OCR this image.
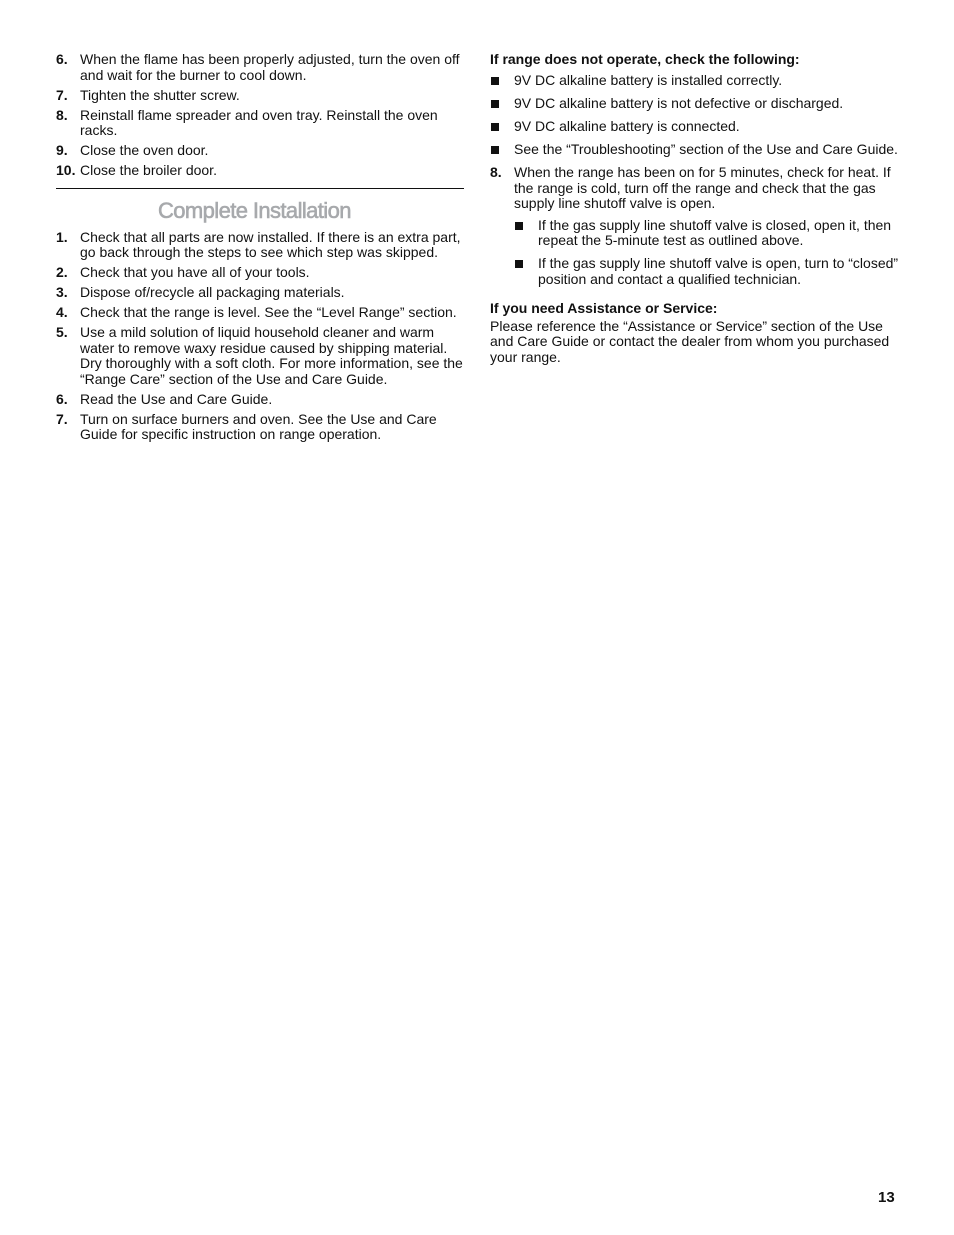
6. When the flame has been properly adjusted, turn the oven off and wait for the burner to cool down.
7. Tighten the shutter screw.
8. Reinstall flame spreader and oven tray. Reinstall the oven racks.
9. Close the oven door.
10. Close the broiler door.
Complete Installation
1. Check that all parts are now installed. If there is an extra part, go back through the steps to see which step was skipped.
2. Check that you have all of your tools.
3. Dispose of/recycle all packaging materials.
4. Check that the range is level. See the “Level Range” section.
5. Use a mild solution of liquid household cleaner and warm water to remove waxy residue caused by shipping material. Dry thoroughly with a soft cloth. For more information, see the “Range Care” section of the Use and Care Guide.
6. Read the Use and Care Guide.
7. Turn on surface burners and oven. See the Use and Care Guide for specific instruction on range operation.

If range does not operate, check the following:

9V DC alkaline battery is installed correctly.
9V DC alkaline battery is not defective or discharged.
9V DC alkaline battery is connected.
See the “Troubleshooting” section of the Use and Care Guide.
8. When the range has been on for 5 minutes, check for heat. If the range is cold, turn off the range and check that the gas supply line shutoff valve is open.
If the gas supply line shutoff valve is closed, open it, then repeat the 5-minute test as outlined above.
If the gas supply line shutoff valve is open, turn to “closed” position and contact a qualified technician.

If you need Assistance or Service:

Please reference the “Assistance or Service” section of the Use and Care Guide or contact the dealer from whom you purchased your range.

13
